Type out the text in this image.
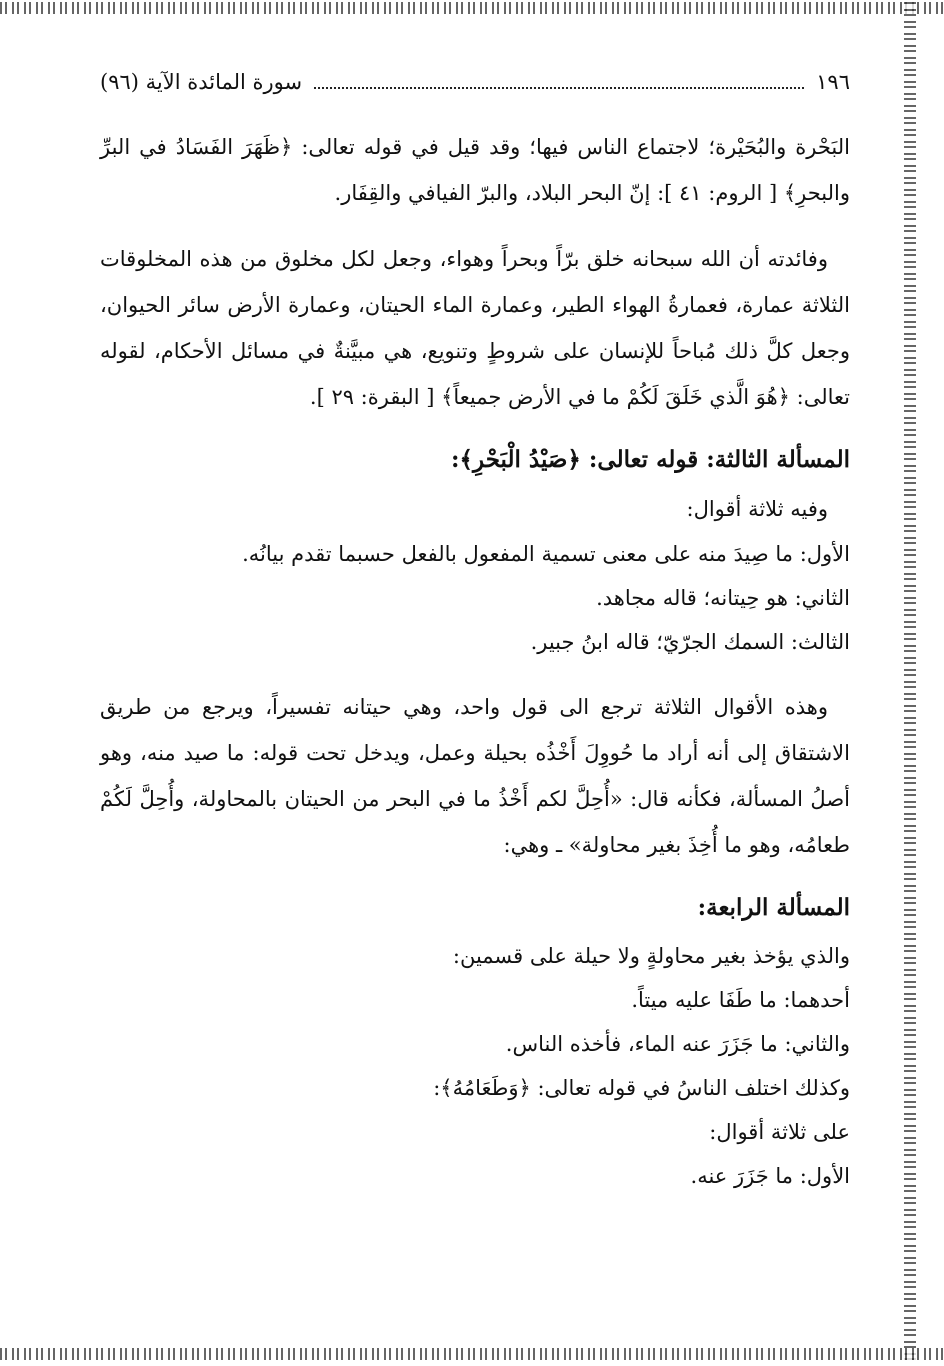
١٩٦
سورة المائدة الآية (٩٦)

البَحْرة والبُحَيْرة؛ لاجتماع الناس فيها؛ وقد قيل في قوله تعالى: ﴿ظَهَرَ الفَسَادُ في البرِّ والبحرِ﴾ [ الروم: ٤١ ]: إنّ البحر البلاد، والبرّ الفيافي والقِفَار.

وفائدته أن الله سبحانه خلق برّاً وبحراً وهواء، وجعل لكل مخلوق من هذه المخلوقات الثلاثة عمارة، فعمارةُ الهواء الطير، وعمارة الماء الحيتان، وعمارة الأرض سائر الحيوان، وجعل كلَّ ذلك مُباحاً للإنسان على شروطٍ وتنويع، هي مبيَّنةٌ في مسائل الأحكام، لقوله تعالى: ﴿هُوَ الَّذي خَلَقَ لَكُمْ ما في الأرض جميعاً﴾ [ البقرة: ٢٩ ].

المسألة الثالثة: قوله تعالى: ﴿صَيْدُ الْبَحْرِ﴾:

وفيه ثلاثة أقوال:

الأول: ما صِيدَ منه على معنى تسمية المفعول بالفعل حسبما تقدم بيانُه.

الثاني: هو حِيتانه؛ قاله مجاهد.

الثالث: السمك الجرّيّ؛ قاله ابنُ جبير.

وهذه الأقوال الثلاثة ترجع الى قول واحد، وهي حيتانه تفسيراً، ويرجع من طريق الاشتقاق إلى أنه أراد ما حُووِلَ أَخْذُه بحيلة وعمل، ويدخل تحت قوله: ما صيد منه، وهو أصلُ المسألة، فكأنه قال: «أُحِلَّ لكم أَخْذُ ما في البحر من الحيتان بالمحاولة، وأُحِلَّ لَكُمْ طعامُه، وهو ما أُخِذَ بغير محاولة» ـ وهي:

المسألة الرابعة:

والذي يؤخذ بغير محاولةٍ ولا حيلة على قسمين:

أحدهما: ما طَفَا عليه ميتاً.

والثاني: ما جَزَرَ عنه الماء، فأخذه الناس.

وكذلك اختلف الناسُ في قوله تعالى: ﴿وَطَعَامُهُ﴾:

على ثلاثة أقوال:

الأول: ما جَزَرَ عنه.
